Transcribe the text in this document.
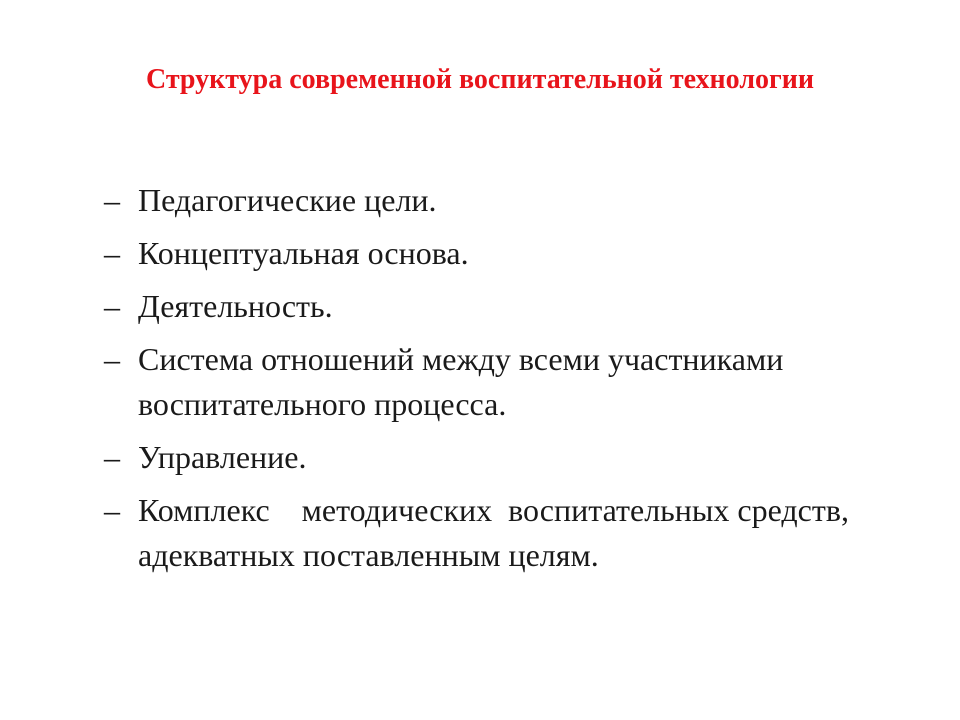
Структура современной воспитательной технологии
– Педагогические цели.
– Концептуальная основа.
– Деятельность.
– Система отношений между всеми участниками воспитательного процесса.
– Управление.
– Комплекс    методических  воспитательных средств,  адекватных поставленным целям.
